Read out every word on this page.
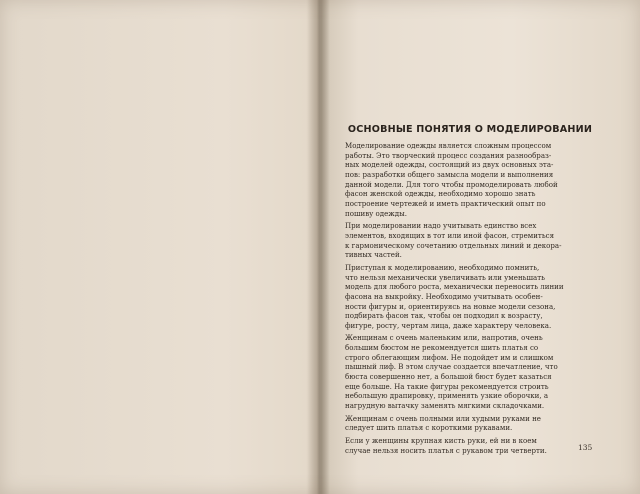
ОСНОВНЫЕ ПОНЯТИЯ О МОДЕЛИРОВАНИИ

Моделирование одежды является сложным процессом
работы. Это творческий процесс создания разнообраз-
ных моделей одежды, состоящий из двух основных эта-
пов: разработки общего замысла модели и выполнения
данной модели. Для того чтобы промоделировать любой
фасон женской одежды, необходимо хорошо знать
построение чертежей и иметь практический опыт по
пошиву одежды.

При моделировании надо учитывать единство всех
элементов, входящих в тот или иной фасон, стремиться
к гармоническому сочетанию отдельных линий и декора-
тивных частей.

Приступая к моделированию, необходимо помнить,
что нельзя механически увеличивать или уменьшать
модель для любого роста, механически переносить линии
фасона на выкройку. Необходимо учитывать особен-
ности фигуры и, ориентируясь на новые модели сезона,
подбирать фасон так, чтобы он подходил к возрасту,
фигуре, росту, чертам лица, даже характеру человека.

Женщинам с очень маленьким или, напротив, очень
большим бюстом не рекомендуется шить платья со
строго облегающим лифом. Не подойдет им и слишком
пышный лиф. В этом случае создается впечатление, что
бюста совершенно нет, а большой бюст будет казаться
еще больше. На такие фигуры рекомендуется строить
небольшую драпировку, применять узкие оборочки, а
нагрудную вытачку заменять мягкими складочками.

Женщинам с очень полными или худыми руками не
следует шить платья с короткими рукавами.

Если у женщины крупная кисть руки, ей ни в коем
случае нельзя носить платья с рукавом три четверти.	135
